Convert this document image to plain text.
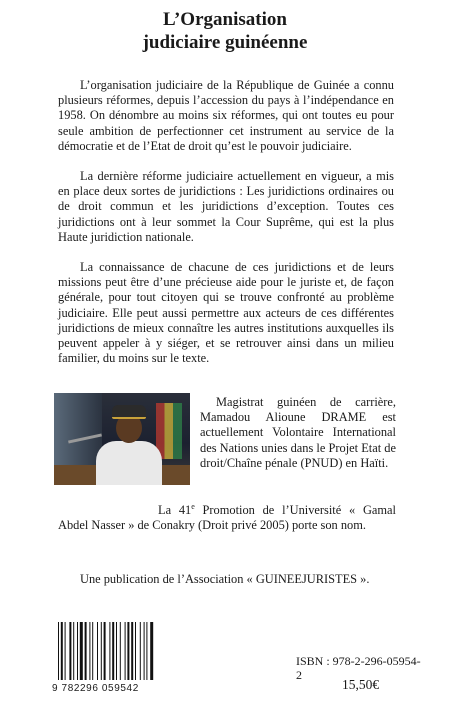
L’Organisation
judiciaire guinéenne

L’organisation judiciaire de la République de Guinée a connu plusieurs réformes, depuis l’accession du pays à l’indépendance en 1958. On dénombre au moins six réformes, qui ont toutes eu pour seule ambition de perfectionner cet instrument au service de la démocratie et de l’Etat de droit qu’est le pouvoir judiciaire.

La dernière réforme judiciaire actuellement en vigueur, a mis en place deux sortes de juridictions : Les juridictions ordinaires ou de droit commun et les juridictions d’exception. Toutes ces juridictions ont à leur sommet la Cour Suprême, qui est la plus Haute juridiction nationale.

La connaissance de chacune de ces juridictions et de leurs missions peut être d’une précieuse aide pour le juriste et, de façon générale, pour tout citoyen qui se trouve confronté au problème judiciaire. Elle peut aussi permettre aux acteurs de ces différentes juridictions de mieux connaître les autres institutions auxquelles ils peuvent appeler à y siéger, et se retrouver ainsi dans un milieu familier, du moins sur le texte.

Magistrat guinéen de carrière, Mamadou Alioune DRAME est actuellement Volontaire International des Nations unies dans le Projet Etat de droit/Chaîne pénale (PNUD) en Haïti.

La 41e Promotion de l’Université « Gamal Abdel Nasser » de Conakry (Droit privé 2005) porte son nom.

Une publication de l’Association « GUINEEJURISTES ».
9 782296 059542
ISBN : 978-2-296-05954-2
15,50€
